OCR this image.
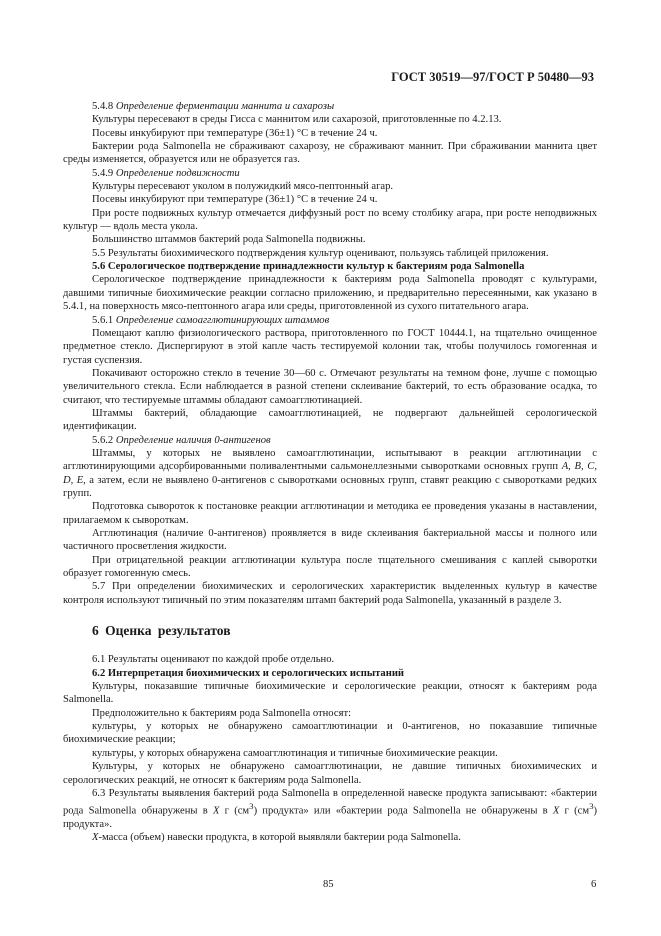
ГОСТ 30519—97/ГОСТ Р 50480—93

5.4.8 Определение ферментации маннита и сахарозы

Культуры пересевают в среды Гисса с маннитом или сахарозой, приготовленные по 4.2.13.

Посевы инкубируют при температуре (36±1) °С в течение 24 ч.

Бактерии рода Salmonella не сбраживают сахарозу, не сбраживают маннит. При сбраживании маннита цвет среды изменяется, образуется или не образуется газ.

5.4.9 Определение подвижности

Культуры пересевают уколом в полужидкий мясо-пептонный агар.

Посевы инкубируют при температуре (36±1) °С в течение 24 ч.

При росте подвижных культур отмечается диффузный рост по всему столбику агара, при росте неподвижных культур — вдоль места укола.

Большинство штаммов бактерий рода Salmonella подвижны.

5.5 Результаты биохимического подтверждения культур оценивают, пользуясь таблицей приложения.

5.6 Серологическое подтверждение принадлежности культур к бактериям рода Salmonella

Серологическое подтверждение принадлежности к бактериям рода Salmonella проводят с культурами, давшими типичные биохимические реакции согласно приложению, и предварительно пересеянными, как указано в 5.4.1, на поверхность мясо-пептонного агара или среды, приготовленной из сухого питательного агара.

5.6.1 Определение самоагглютинирующих штаммов

Помещают каплю физиологического раствора, приготовленного по ГОСТ 10444.1, на тщательно очищенное предметное стекло. Диспергируют в этой капле часть тестируемой колонии так, чтобы получилось гомогенная и густая суспензия.

Покачивают осторожно стекло в течение 30—60 с. Отмечают результаты на темном фоне, лучше с помощью увеличительного стекла. Если наблюдается в разной степени склеивание бактерий, то есть образование осадка, то считают, что тестируемые штаммы обладают самоагглютинацией.

Штаммы бактерий, обладающие самоагглютинацией, не подвергают дальнейшей серологической идентификации.

5.6.2 Определение наличия 0-антигенов

Штаммы, у которых не выявлено самоагглютинации, испытывают в реакции агглютинации с агглютинирующими адсорбированными поливалентными сальмонеллезными сыворотками основных групп A, B, C, D, E, а затем, если не выявлено 0-антигенов с сыворотками основных групп, ставят реакцию с сыворотками редких групп.

Подготовка сывороток к постановке реакции агглютинации и методика ее проведения указаны в наставлении, прилагаемом к сывороткам.

Агглютинация (наличие 0-антигенов) проявляется в виде склеивания бактериальной массы и полного или частичного просветления жидкости.

При отрицательной реакции агглютинации культура после тщательного смешивания с каплей сыворотки образует гомогенную смесь.

5.7 При определении биохимических и серологических характеристик выделенных культур в качестве контроля используют типичный по этим показателям штамп бактерий рода Salmonella, указанный в разделе 3.

6 Оценка результатов

6.1 Результаты оценивают по каждой пробе отдельно.

6.2 Интерпретация биохимических и серологических испытаний

Культуры, показавшие типичные биохимические и серологические реакции, относят к бактериям рода Salmonella.

Предположительно к бактериям рода Salmonella относят:

культуры, у которых не обнаружено самоагглютинации и 0-антигенов, но показавшие типичные биохимические реакции;

культуры, у которых обнаружена самоагглютинация и типичные биохимические реакции.

Культуры, у которых не обнаружено самоагглютинации, не давшие типичных биохимических и серологических реакций, не относят к бактериям рода Salmonella.

6.3 Результаты выявления бактерий рода Salmonella в определенной навеске продукта записывают: «бактерии рода Salmonella обнаружены в X г $(см^3)$ продукта» или «бактерии рода Salmonella не обнаружены в X г $(см^3)$ продукта».

X-масса (объем) навески продукта, в которой выявляли бактерии рода Salmonella.

85	6
